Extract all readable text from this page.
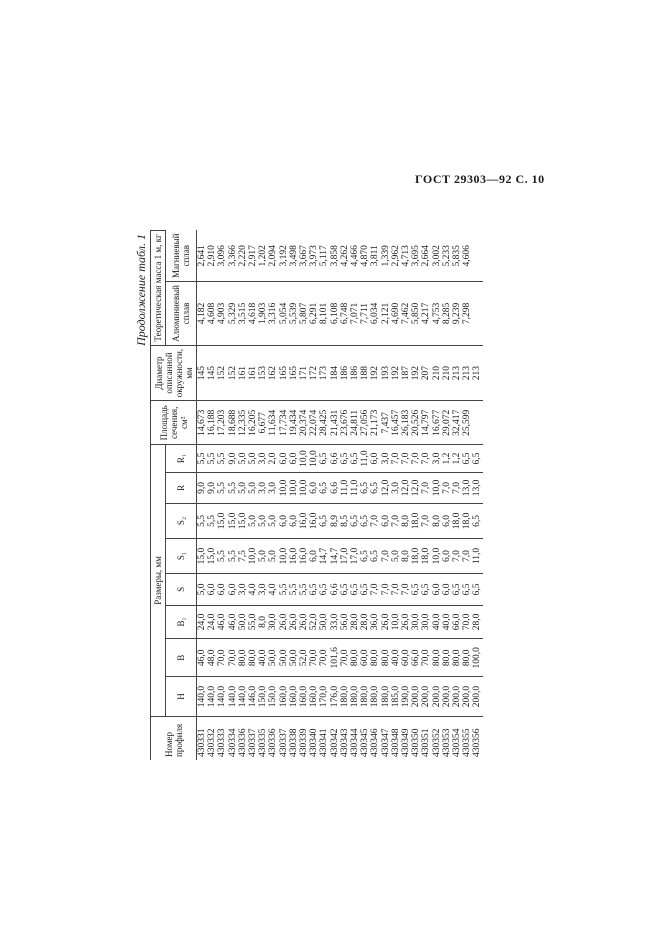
ГОСТ 29303—92 С. 10
Продолжение табл. 1
Номер профиля	Размеры, мм								Площадь сечения, см²	Диаметр описанной окружности, мм	Теоретическая масса 1 м, кг	
	H	B	B₁	S	S₁	S₂	R	R₁			Алюминиевый сплав	Магниевый сплав
430331	140,0	46,0	24,0	5,0	15,0	5,5	9,0	5,5	14,673	145	4,182	2,641
430332	140,0	48,0	24,0	6,0	15,0	5,5	9,0	5,5	16,188	145	4,608	2,910
430333	140,0	70,0	46,0	6,0	5,5	15,0	5,5	5,5	17,203	152	4,903	3,096
430334	140,0	70,0	46,0	6,0	5,5	15,0	5,5	9,0	18,688	152	5,329	3,366
430336	140,0	80,0	50,0	3,0	7,5	15,0	5,0	5,0	12,335	161	3,515	2,220
430337	146,0	80,0	55,0	4,0	10,0	5,0	5,0	5,0	16,205	161	4,618	2,917
430335	150,0	40,0	8,0	3,0	5,0	5,0	3,0	3,0	6,677	153	1,903	1,202
430336	150,0	50,0	30,0	4,0	5,0	5,0	3,0	2,0	11,634	162	3,316	2,094
430337	160,0	50,0	26,0	5,5	10,0	6,0	10,0	6,0	17,734	165	5,054	3,192
430338	160,0	50,0	26,0	5,5	16,0	6,0	10,0	6,0	19,434	165	5,539	3,498
430339	160,0	52,0	26,0	5,5	16,0	16,0	10,0	10,0	20,374	171	5,807	3,667
430340	160,0	70,0	52,0	6,5	6,0	16,0	6,0	10,0	22,074	172	6,291	3,973
430341	170,0	70,0	50,0	6,5	14,7	6,5	6,5	6,5	28,425	173	8,101	5,117
430342	176,0	101,6	33,0	6,6	14,7	8,9	6,6	6,6	21,431	184	6,108	3,858
430343	180,0	70,0	56,0	6,5	17,0	8,5	11,0	6,5	23,676	186	6,748	4,262
430344	180,0	80,0	28,0	6,5	17,0	6,5	11,0	6,5	24,811	186	7,071	4,466
430345	180,0	60,0	28,0	6,5	6,5	6,5	6,5	11,0	27,056	188	7,711	4,870
430346	180,0	80,0	36,0	7,0	6,5	7,0	6,5	6,0	21,173	192	6,034	3,811
430347	180,0	80,0	26,0	7,0	7,0	6,0	12,0	3,0	7,437	193	2,121	1,339
430348	185,0	40,0	10,0	7,0	5,0	7,0	3,0	7,0	16,457	192	4,690	2,962
430349	190,0	60,0	26,0	7,0	8,0	8,0	12,0	7,0	26,183	187	7,462	4,713
430350	200,0	66,0	30,0	6,5	18,0	18,0	12,0	7,0	20,526	192	5,850	3,695
430351	200,0	70,0	30,0	6,5	18,0	7,0	7,0	7,0	14,797	207	4,217	2,664
430352	200,0	80,0	40,0	6,0	10,0	8,0	10,0	3,0	16,677	210	4,753	3,002
430353	200,0	80,0	40,0	6,0	6,0	6,0	7,0	1,2	29,072	210	8,285	5,233
430354	200,0	80,0	66,0	6,5	7,0	18,0	7,0	1,2	32,417	213	9,239	5,835
430355	200,0	80,0	70,0	6,5	7,0	18,0	13,0	6,5	25,599	213	7,298	4,606
430356	200,0	100,0	28,0	6,5	11,0	6,5	13,0	6,5		213		
